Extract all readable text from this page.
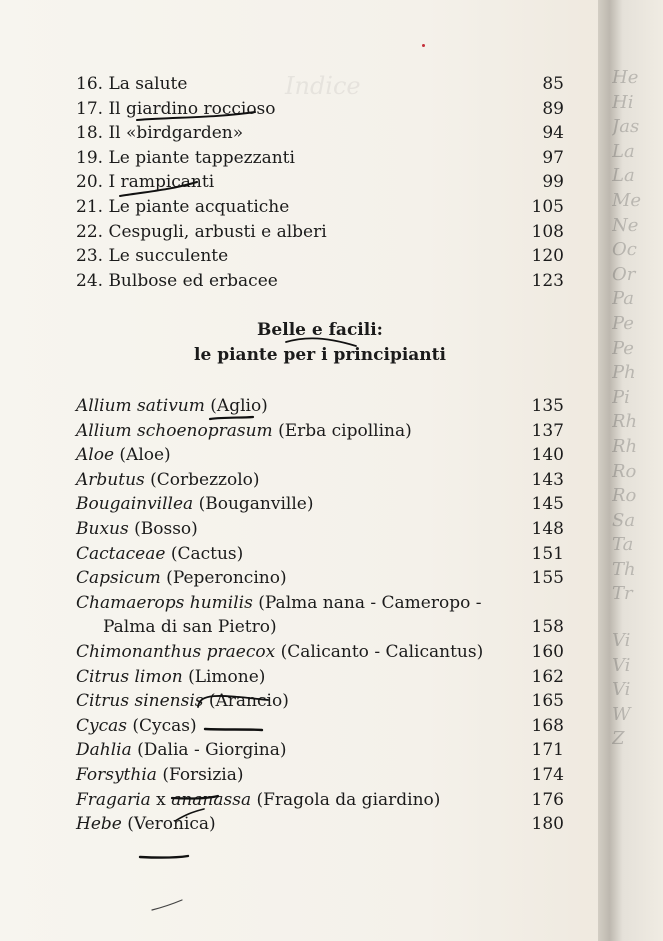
Indice	He
Hi
Jas
La
La
Me
Ne
Oc
Or
Pa
Pe
Pe
Ph
Pi
Rh
Rh
Ro
Ro
Sa
Ta
Th
Tr
Vi
Vi
Vi
W
Z
16. La salute	85
17. Il giardino roccioso	89
18. Il «birdgarden»	94
19. Le piante tappezzanti	97
20. I rampicanti	99
21. Le piante acquatiche	105
22. Cespugli, arbusti e alberi	108
23. Le succulente	120
24. Bulbose ed erbacee	123
Belle e facili:
le piante per i principianti
Allium sativum (Aglio)	135
Allium schoenoprasum (Erba cipollina)	137
Aloe (Aloe)	140
Arbutus (Corbezzolo)	143
Bougainvillea (Bouganville)	145
Buxus (Bosso)	148
Cactaceae (Cactus)	151
Capsicum (Peperoncino)	155
Chamaerops humilis (Palma nana - Cameropo -
Palma di san Pietro)	158
Chimonanthus praecox (Calicanto - Calicantus)	160
Citrus limon (Limone)	162
Citrus sinensis (Arancio)	165
Cycas (Cycas)	168
Dahlia (Dalia - Giorgina)	171
Forsythia (Forsizia)	174
Fragaria x ananassa (Fragola da giardino)	176
Hebe (Veronica)	180
